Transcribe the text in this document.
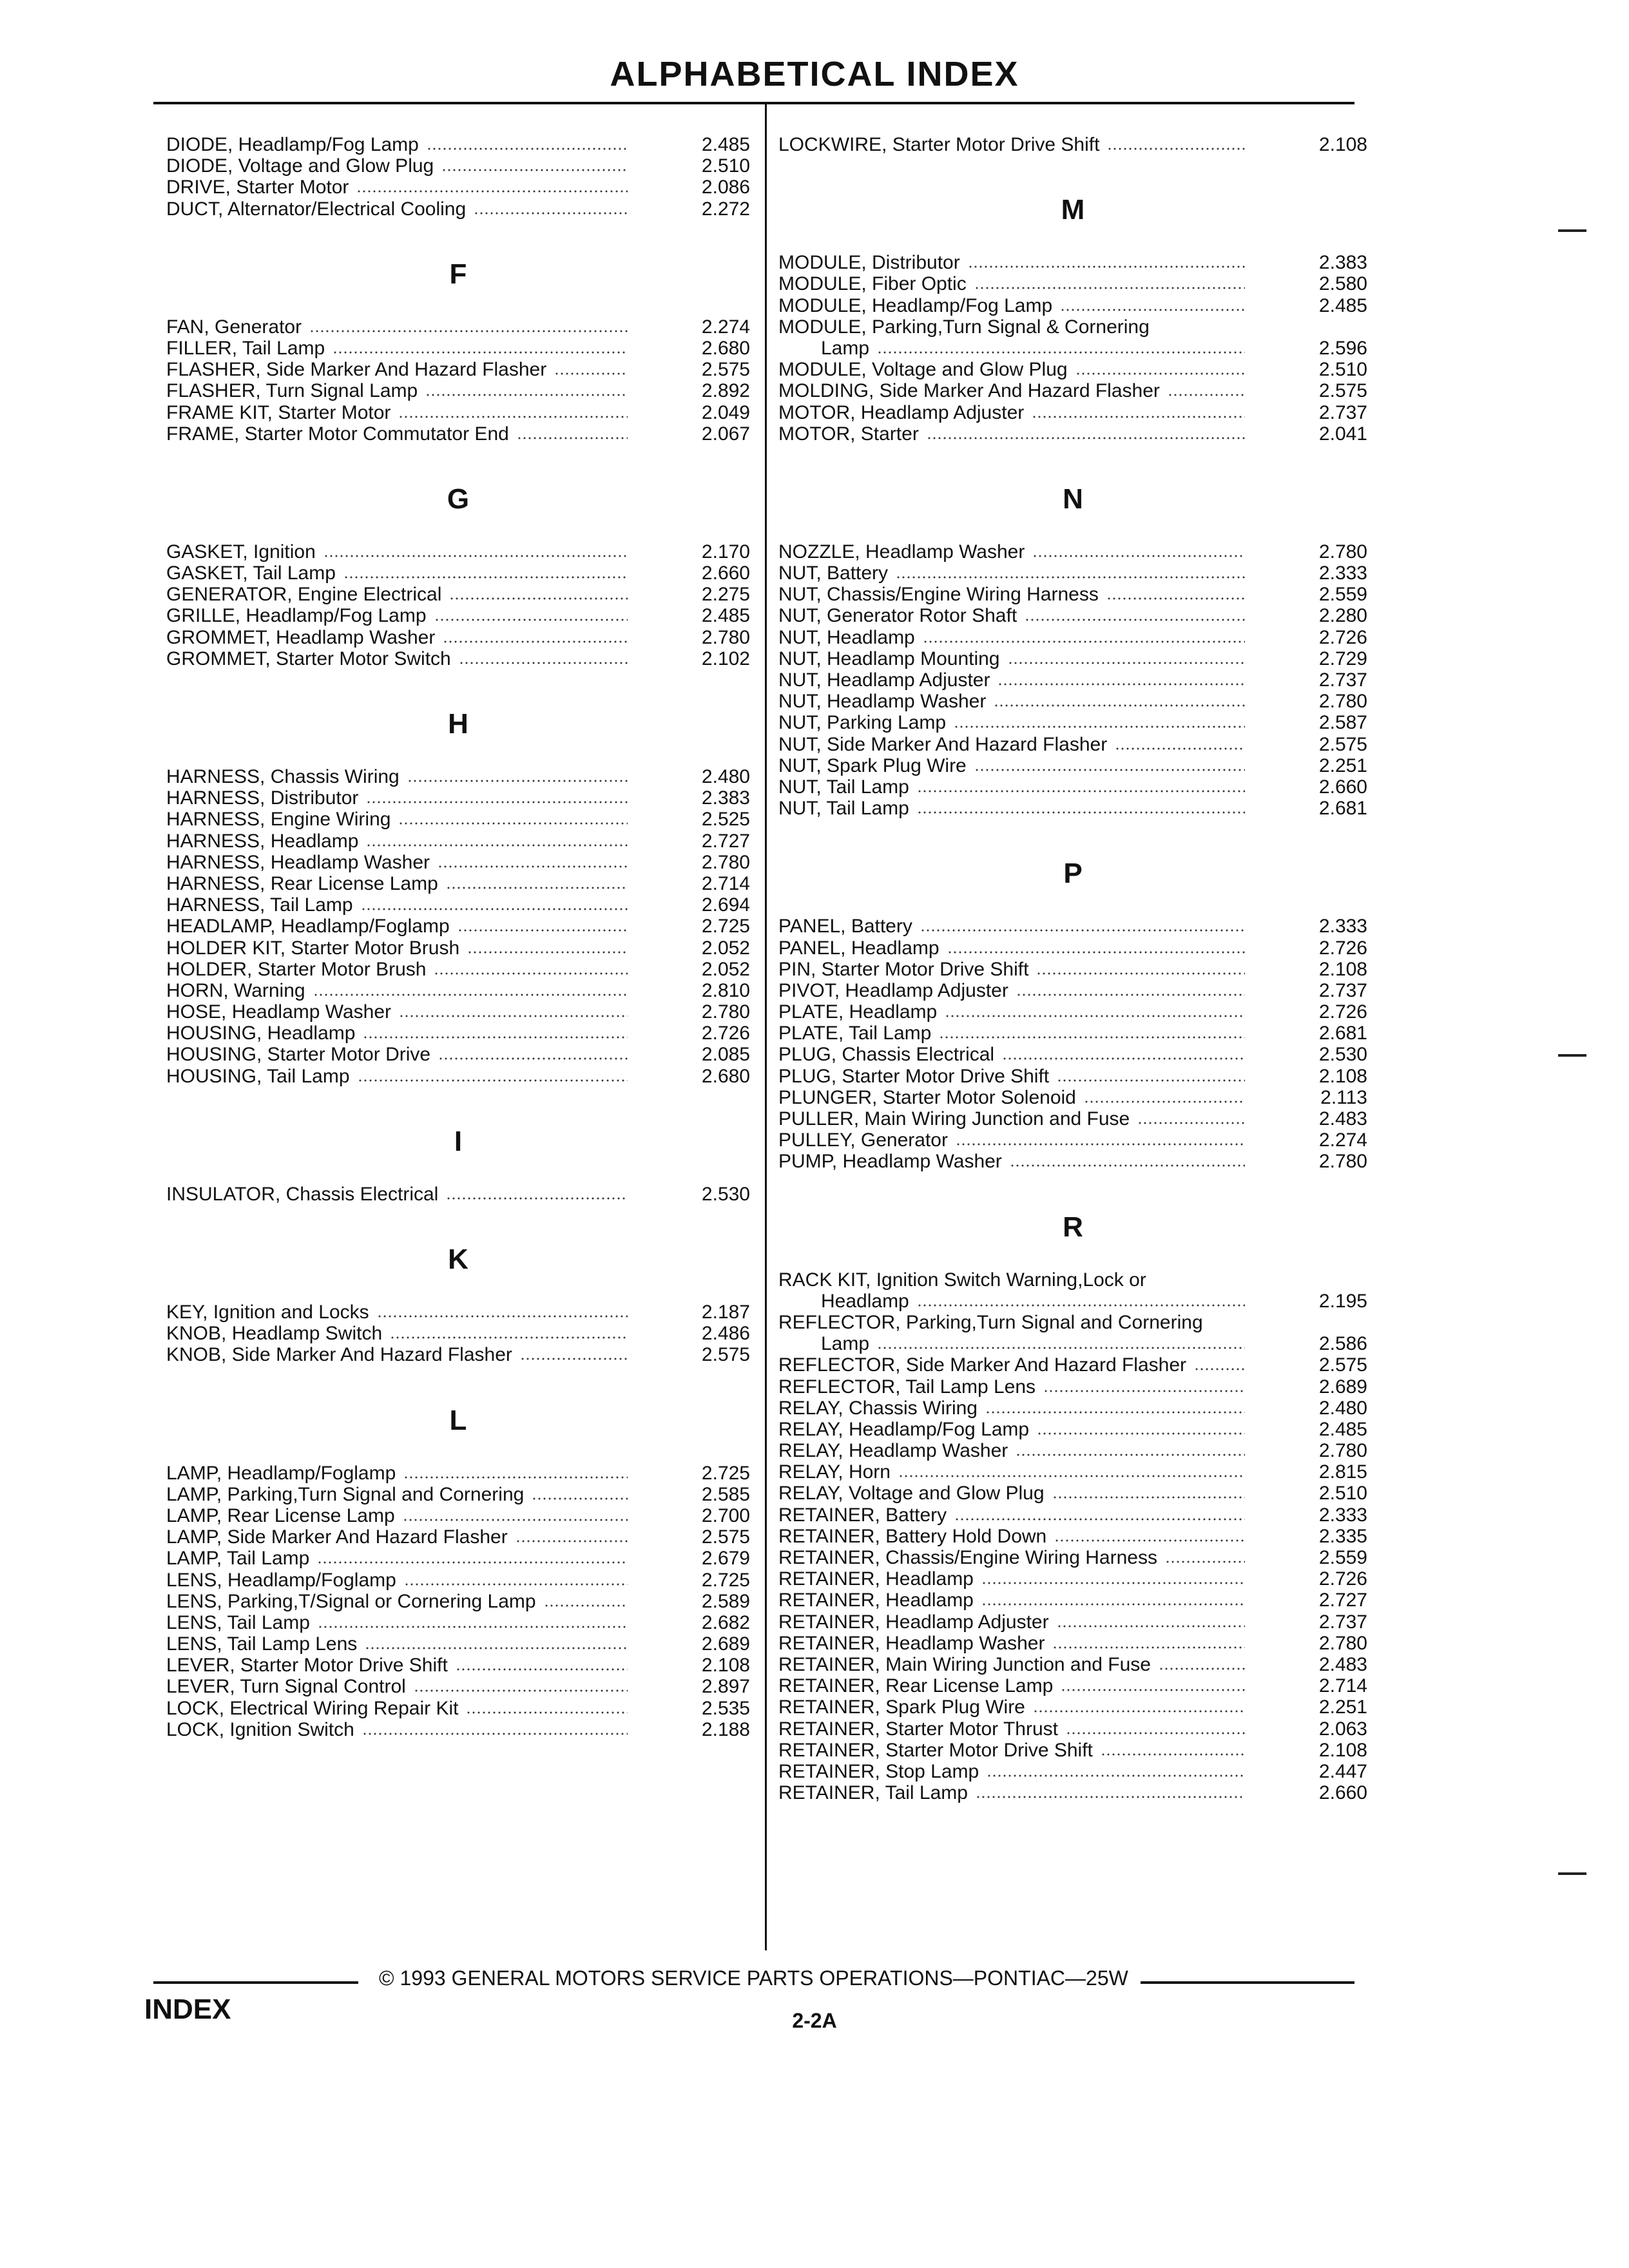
ALPHABETICAL INDEX
DIODE, Headlamp/Fog Lamp	2.485
DIODE, Voltage and Glow Plug	2.510
DRIVE, Starter Motor	2.086
DUCT, Alternator/Electrical Cooling	2.272
F
FAN, Generator	2.274
FILLER, Tail Lamp	2.680
FLASHER, Side Marker And Hazard Flasher	2.575
FLASHER, Turn Signal Lamp	2.892
FRAME KIT, Starter Motor	2.049
FRAME, Starter Motor Commutator End	2.067
G
GASKET, Ignition	2.170
GASKET, Tail Lamp	2.660
GENERATOR, Engine Electrical	2.275
GRILLE, Headlamp/Fog Lamp	2.485
GROMMET, Headlamp Washer	2.780
GROMMET, Starter Motor Switch	2.102
H
HARNESS, Chassis Wiring	2.480
HARNESS, Distributor	2.383
HARNESS, Engine Wiring	2.525
HARNESS, Headlamp	2.727
HARNESS, Headlamp Washer	2.780
HARNESS, Rear License Lamp	2.714
HARNESS, Tail Lamp	2.694
HEADLAMP, Headlamp/Foglamp	2.725
HOLDER KIT, Starter Motor Brush	2.052
HOLDER, Starter Motor Brush	2.052
HORN, Warning	2.810
HOSE, Headlamp Washer	2.780
HOUSING, Headlamp	2.726
HOUSING, Starter Motor Drive	2.085
HOUSING, Tail Lamp	2.680
I
INSULATOR, Chassis Electrical	2.530
K
KEY, Ignition and Locks	2.187
KNOB, Headlamp Switch	2.486
KNOB, Side Marker And Hazard Flasher	2.575
L
LAMP, Headlamp/Foglamp	2.725
LAMP, Parking,Turn Signal and Cornering	2.585
LAMP, Rear License Lamp	2.700
LAMP, Side Marker And Hazard Flasher	2.575
LAMP, Tail Lamp	2.679
LENS, Headlamp/Foglamp	2.725
LENS, Parking,T/Signal or Cornering Lamp	2.589
LENS, Tail Lamp	2.682
LENS, Tail Lamp Lens	2.689
LEVER, Starter Motor Drive Shift	2.108
LEVER, Turn Signal Control	2.897
LOCK, Electrical Wiring Repair Kit	2.535
LOCK, Ignition Switch	2.188
LOCKWIRE, Starter Motor Drive Shift	2.108
M
MODULE, Distributor	2.383
MODULE, Fiber Optic	2.580
MODULE, Headlamp/Fog Lamp	2.485
MODULE, Parking,Turn Signal & Cornering
Lamp	2.596
MODULE, Voltage and Glow Plug	2.510
MOLDING, Side Marker And Hazard Flasher	2.575
MOTOR, Headlamp Adjuster	2.737
MOTOR, Starter	2.041
N
NOZZLE, Headlamp Washer	2.780
NUT, Battery	2.333
NUT, Chassis/Engine Wiring Harness	2.559
NUT, Generator Rotor Shaft	2.280
NUT, Headlamp	2.726
NUT, Headlamp Mounting	2.729
NUT, Headlamp Adjuster	2.737
NUT, Headlamp Washer	2.780
NUT, Parking Lamp	2.587
NUT, Side Marker And Hazard Flasher	2.575
NUT, Spark Plug Wire	2.251
NUT, Tail Lamp	2.660
NUT, Tail Lamp	2.681
P
PANEL, Battery	2.333
PANEL, Headlamp	2.726
PIN, Starter Motor Drive Shift	2.108
PIVOT, Headlamp Adjuster	2.737
PLATE, Headlamp	2.726
PLATE, Tail Lamp	2.681
PLUG, Chassis Electrical	2.530
PLUG, Starter Motor Drive Shift	2.108
PLUNGER, Starter Motor Solenoid	2.113
PULLER, Main Wiring Junction and Fuse	2.483
PULLEY, Generator	2.274
PUMP, Headlamp Washer	2.780
R
RACK KIT, Ignition Switch Warning,Lock or
Headlamp	2.195
REFLECTOR, Parking,Turn Signal and Cornering
Lamp	2.586
REFLECTOR, Side Marker And Hazard Flasher	2.575
REFLECTOR, Tail Lamp Lens	2.689
RELAY, Chassis Wiring	2.480
RELAY, Headlamp/Fog Lamp	2.485
RELAY, Headlamp Washer	2.780
RELAY, Horn	2.815
RELAY, Voltage and Glow Plug	2.510
RETAINER, Battery	2.333
RETAINER, Battery Hold Down	2.335
RETAINER, Chassis/Engine Wiring Harness	2.559
RETAINER, Headlamp	2.726
RETAINER, Headlamp	2.727
RETAINER, Headlamp Adjuster	2.737
RETAINER, Headlamp Washer	2.780
RETAINER, Main Wiring Junction and Fuse	2.483
RETAINER, Rear License Lamp	2.714
RETAINER, Spark Plug Wire	2.251
RETAINER, Starter Motor Thrust	2.063
RETAINER, Starter Motor Drive Shift	2.108
RETAINER, Stop Lamp	2.447
RETAINER, Tail Lamp	2.660
© 1993 GENERAL MOTORS SERVICE PARTS OPERATIONS—PONTIAC—25W
INDEX	2-2A
